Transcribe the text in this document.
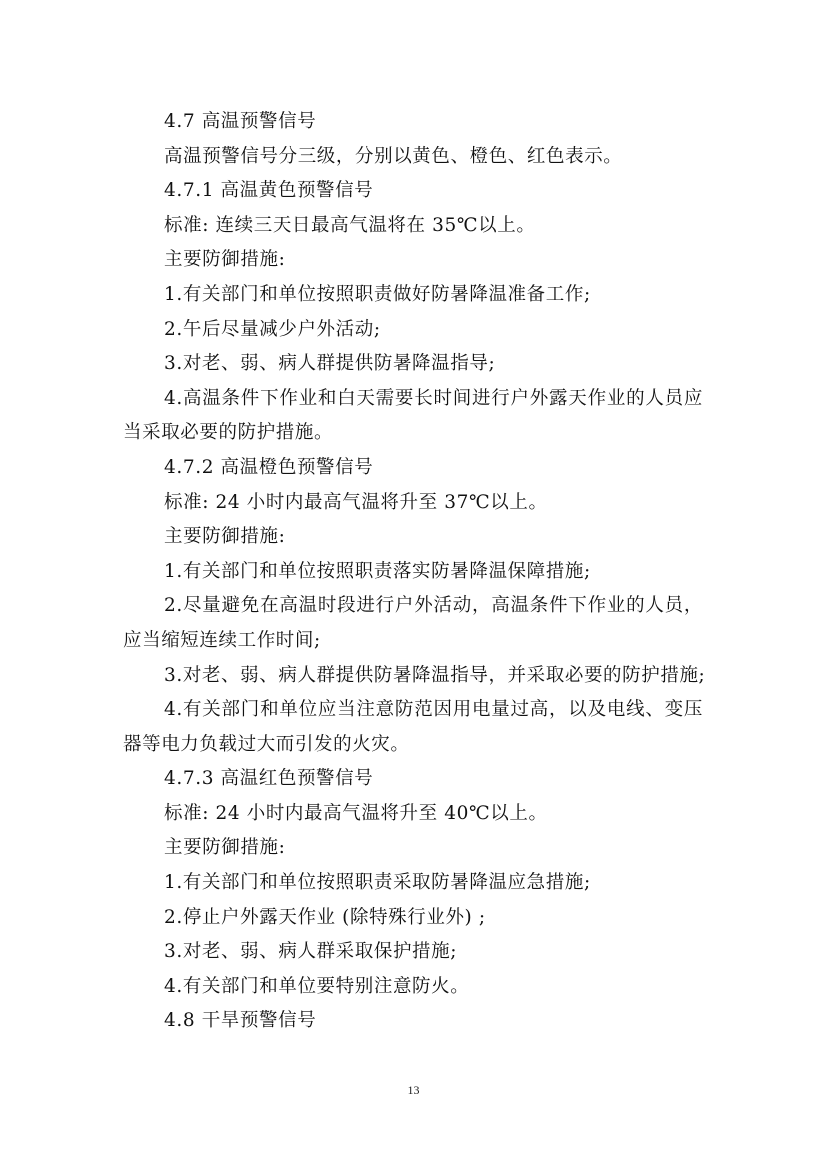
4.7 高温预警信号
高温预警信号分三级，分别以黄色、橙色、红色表示。
4.7.1 高温黄色预警信号
标准: 连续三天日最高气温将在 35℃以上。
主要防御措施:
1.有关部门和单位按照职责做好防暑降温准备工作;
2.午后尽量减少户外活动;
3.对老、弱、病人群提供防暑降温指导;
4.高温条件下作业和白天需要长时间进行户外露天作业的人员应当采取必要的防护措施。
4.7.2 高温橙色预警信号
标准: 24 小时内最高气温将升至 37℃以上。
主要防御措施:
1.有关部门和单位按照职责落实防暑降温保障措施;
2.尽量避免在高温时段进行户外活动，高温条件下作业的人员，应当缩短连续工作时间;
3.对老、弱、病人群提供防暑降温指导，并采取必要的防护措施;
4.有关部门和单位应当注意防范因用电量过高，以及电线、变压器等电力负载过大而引发的火灾。
4.7.3 高温红色预警信号
标准: 24 小时内最高气温将升至 40℃以上。
主要防御措施:
1.有关部门和单位按照职责采取防暑降温应急措施;
2.停止户外露天作业 (除特殊行业外) ;
3.对老、弱、病人群采取保护措施;
4.有关部门和单位要特别注意防火。
4.8 干旱预警信号
13
